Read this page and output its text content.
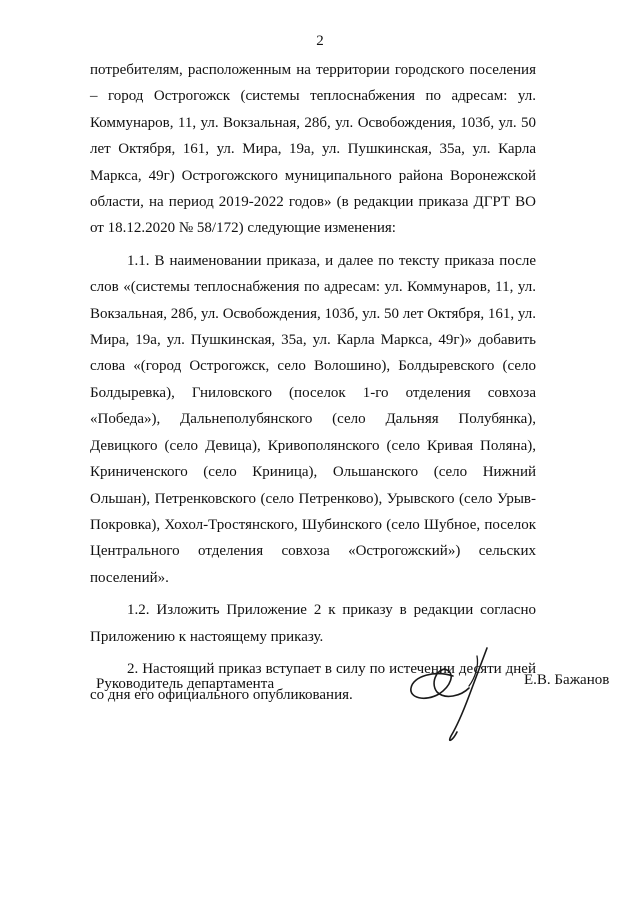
2

потребителям, расположенным на территории городского поселения – город Острогожск (системы теплоснабжения по адресам: ул. Коммунаров, 11, ул. Вокзальная, 28б, ул. Освобождения, 103б, ул. 50 лет Октября, 161, ул. Мира, 19а, ул. Пушкинская, 35а, ул. Карла Маркса, 49г) Острогожского муниципального района Воронежской области, на период 2019-2022 годов» (в редакции приказа ДГРТ ВО от 18.12.2020 № 58/172) следующие изменения:

1.1. В наименовании приказа, и далее по тексту приказа после слов «(системы теплоснабжения по адресам: ул. Коммунаров, 11, ул. Вокзальная, 28б, ул. Освобождения, 103б, ул. 50 лет Октября, 161, ул. Мира, 19а, ул. Пушкинская, 35а, ул. Карла Маркса, 49г)» добавить слова «(город Острогожск, село Волошино), Болдыревского (село Болдыревка), Гниловского (поселок 1-го отделения совхоза «Победа»), Дальнеполубянского (село Дальняя Полубянка), Девицкого (село Девица), Кривополянского (село Кривая Поляна), Криниченского (село Криница), Ольшанского (село Нижний Ольшан), Петренковского (село Петренково), Урывского (село Урыв-Покровка), Хохол-Тростянского, Шубинского (село Шубное, поселок Центрального отделения совхоза «Острогожский») сельских поселений».

1.2. Изложить Приложение 2 к приказу в редакции согласно Приложению к настоящему приказу.

2. Настоящий приказ вступает в силу по истечении десяти дней со дня его официального опубликования.

Руководитель департамента	Е.В. Бажанов
